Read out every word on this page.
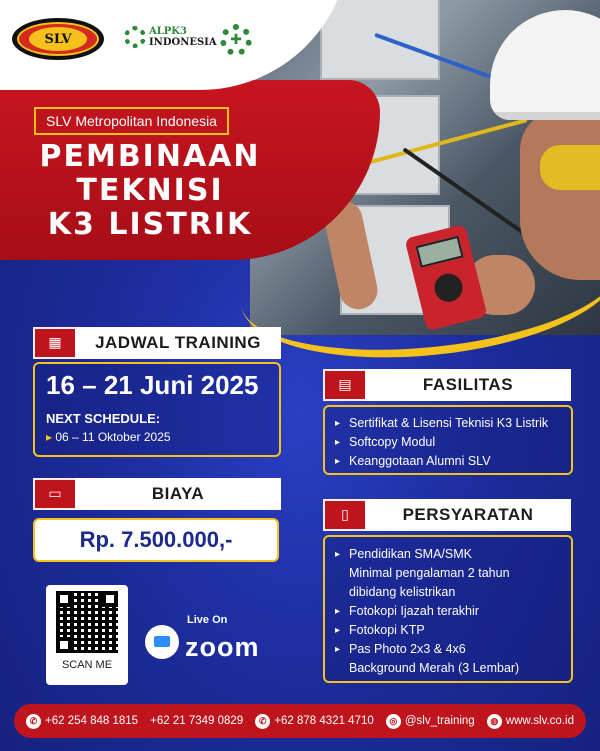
SLV	ALPK3
INDONESIA ✚
SLV Metropolitan Indonesia
PEMBINAAN
TEKNISI
K3 LISTRIK
▦	JADWAL TRAINING
16 – 21 Juni 2025
NEXT SCHEDULE:
▸ 06 – 11 Oktober 2025
▭	BIAYA
Rp. 7.500.000,-
▤	FASILITAS
▸ Sertifikat & Lisensi Teknisi K3 Listrik
▸ Softcopy Modul
▸ Keanggotaan Alumni SLV
▯	PERSYARATAN
▸ Pendidikan SMA/SMK
Minimal pengalaman 2 tahun
dibidang kelistrikan
▸ Fotokopi Ijazah terakhir
▸ Fotokopi KTP
▸ Pas Photo 2x3 & 4x6
Background Merah (3 Lembar)
SCAN ME
Live On
zoom
✆ +62 254 848 1815 +62 21 7349 0829	✆ +62 878 4321 4710	◎ @slv_training	◍ www.slv.co.id
